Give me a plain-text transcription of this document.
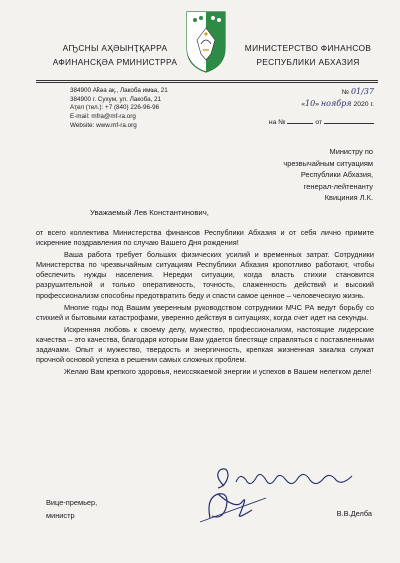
АҦСНЫ АҲӘЫНҬҚАРРА
АФИНАНСҚӘА РМИНИСТРРА
МИНИСТЕРСТВО ФИНАНСОВ
РЕСПУБЛИКИ АБХАЗИЯ
384900 Аҟəа ақ., Лакоба имҩа, 21
384900 г. Сухум, ул. Лакоба, 21
Аҭел (тел.): +7 (840) 226-96-96
E-mail: mfra@mf-ra.org
Website: www.mf-ra.org
№ 01/37
«10» ноября 2020 г.
на №	от
Министру по
чрезвычайным ситуациям
Республики Абхазия,
генерал-лейтенанту
Квициния Л.К.
Уважаемый Лев Константинович,

от всего коллектива Министерства финансов Республики Абхазия и от себя лично примите искренние поздравления по случаю Вашего Дня рождения!

Ваша работа требует больших физических усилий и временных затрат. Сотрудники Министерства по чрезвычайным ситуациям Республики Абхазия кропотливо работают, чтобы обеспечить нужды населения. Нередки ситуации, когда власть стихии становится разрушительной и только оперативность, точность, слаженность действий и высокий профессионализм способны предотвратить беду и спасти самое ценное – человеческую жизнь.

Многие годы под Вашим уверенным руководством сотрудники МЧС РА ведут борьбу со стихией и бытовыми катастрофами, уверенно действуя в ситуациях, когда счет идет на секунды.

Искренняя любовь к своему делу, мужество, профессионализм, настоящие лидерские качества – это качества, благодаря которым Вам удается блестяще справляться с поставленными задачами. Опыт и мужество, твердость и энергичность, крепкая жизненная закалка служат прочной основой успеха в решении самых сложных проблем.

Желаю Вам крепкого здоровья, неиссякаемой энергии и успехов в Вашем нелегком деле!

Вице-премьер,
министр	В.В.Делба
